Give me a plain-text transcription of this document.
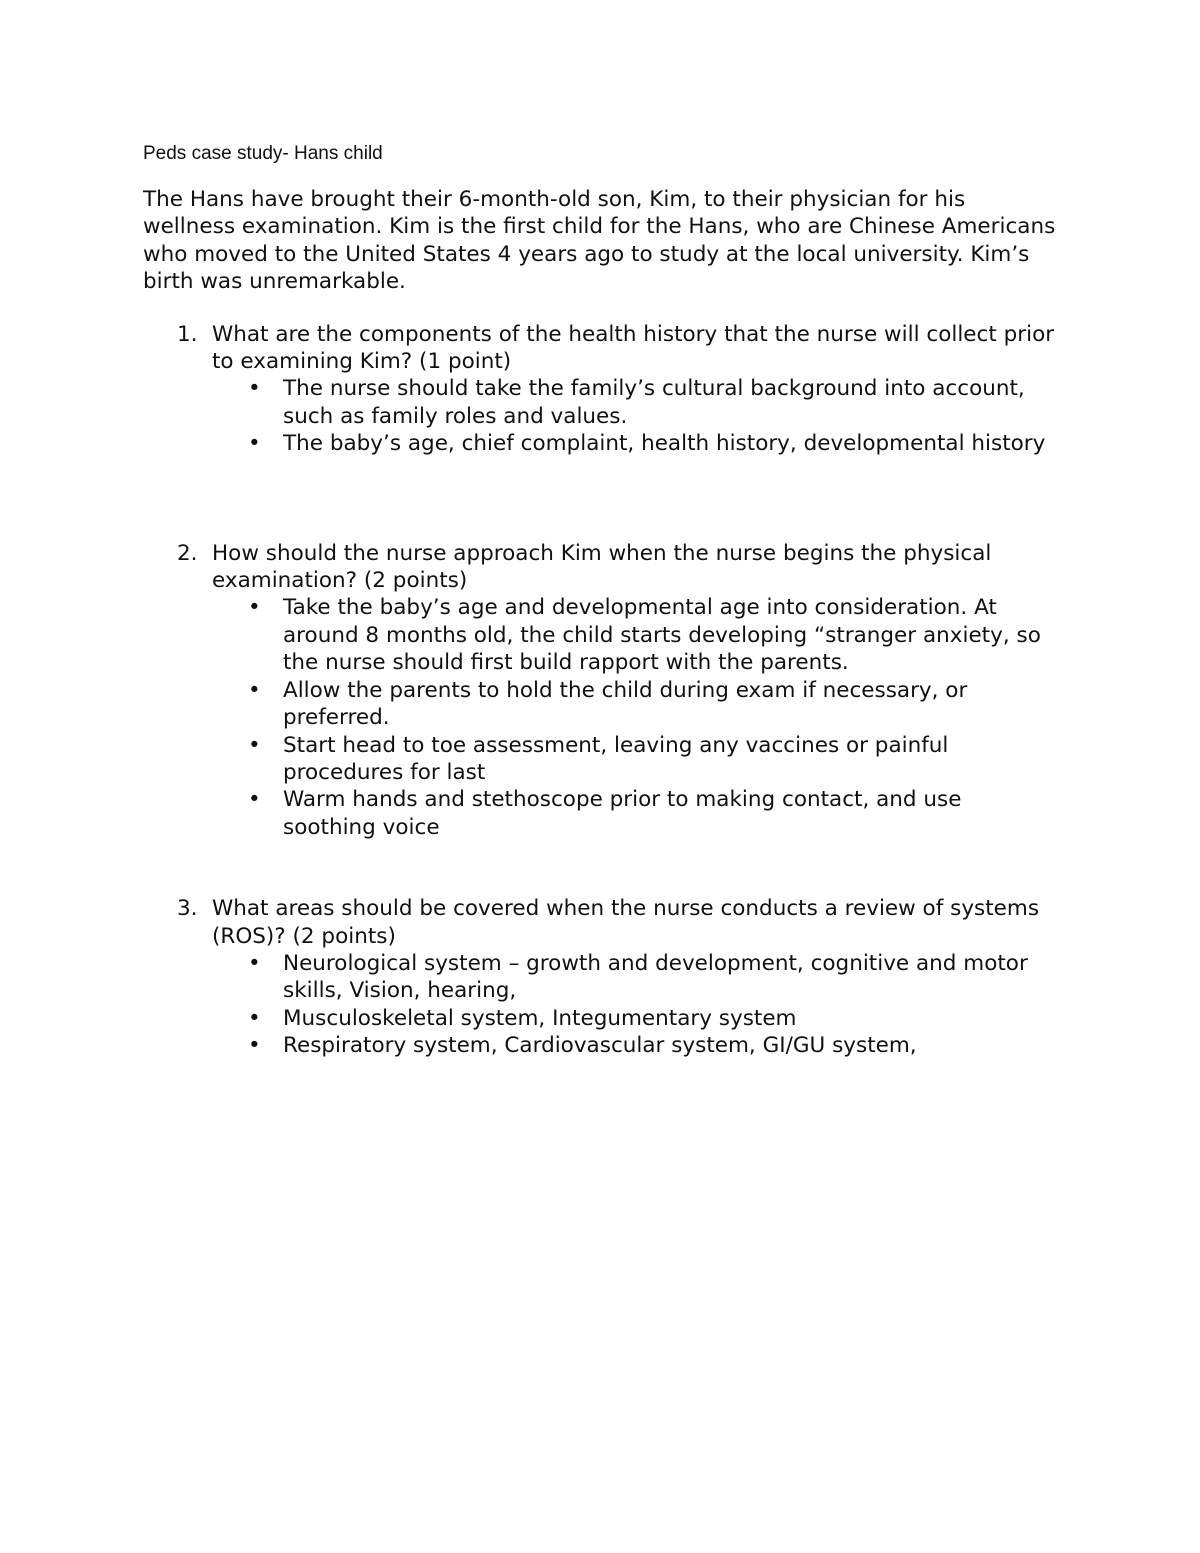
Peds case study- Hans child

The Hans have brought their 6-month-old son, Kim, to their physician for his wellness examination. Kim is the first child for the Hans, who are Chinese Americans who moved to the United States 4 years ago to study at the local university. Kim’s birth was unremarkable.

1. What are the components of the health history that the nurse will collect prior to examining Kim? (1 point)
• The nurse should take the family’s cultural background into account, such as family roles and values.
• The baby’s age, chief complaint, health history, developmental history
2. How should the nurse approach Kim when the nurse begins the physical examination? (2 points)
• Take the baby’s age and developmental age into consideration. At around 8 months old, the child starts developing “stranger anxiety, so the nurse should first build rapport with the parents.
• Allow the parents to hold the child during exam if necessary, or preferred.
• Start head to toe assessment, leaving any vaccines or painful procedures for last
• Warm hands and stethoscope prior to making contact, and use soothing voice
3. What areas should be covered when the nurse conducts a review of systems (ROS)? (2 points)
• Neurological system – growth and development, cognitive and motor skills, Vision, hearing,
• Musculoskeletal system, Integumentary system
• Respiratory system, Cardiovascular system, GI/GU system,
